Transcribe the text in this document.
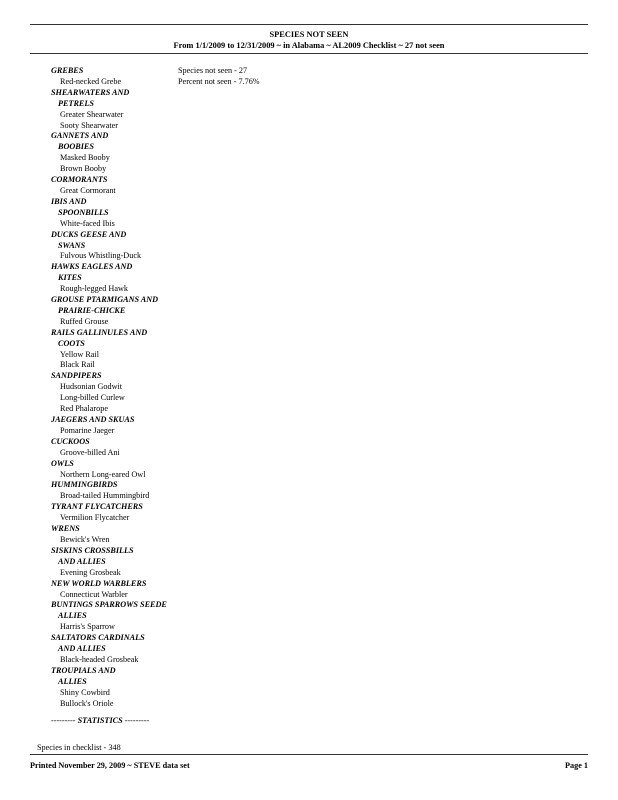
SPECIES NOT SEEN
From 1/1/2009 to 12/31/2009 ~ in Alabama ~ AL2009 Checklist ~ 27 not seen
GREBES
Red-necked Grebe
SHEARWATERS AND
PETRELS
Greater Shearwater
Sooty Shearwater
GANNETS AND
BOOBIES
Masked Booby
Brown Booby
CORMORANTS
Great Cormorant
IBIS AND
SPOONBILLS
White-faced Ibis
DUCKS GEESE AND
SWANS
Fulvous Whistling-Duck
HAWKS EAGLES AND
KITES
Rough-legged Hawk
GROUSE PTARMIGANS AND
PRAIRIE-CHICKE
Ruffed Grouse
RAILS GALLINULES AND
COOTS
Yellow Rail
Black Rail
SANDPIPERS
Hudsonian Godwit
Long-billed Curlew
Red Phalarope
JAEGERS AND SKUAS
Pomarine Jaeger
CUCKOOS
Groove-billed Ani
OWLS
Northern Long-eared Owl
HUMMINGBIRDS
Broad-tailed Hummingbird
TYRANT FLYCATCHERS
Vermilion Flycatcher
WRENS
Bewick's Wren
SISKINS CROSSBILLS
AND ALLIES
Evening Grosbeak
NEW WORLD WARBLERS
Connecticut Warbler
BUNTINGS SPARROWS SEEDE
ALLIES
Harris's Sparrow
SALTATORS CARDINALS
AND ALLIES
Black-headed Grosbeak
TROUPIALS AND
ALLIES
Shiny Cowbird
Bullock's Oriole
Species not seen - 27
Percent not seen - 7.76%
--------- STATISTICS ---------
Species in checklist - 348
Printed November 29, 2009 ~ STEVE data set	Page 1
